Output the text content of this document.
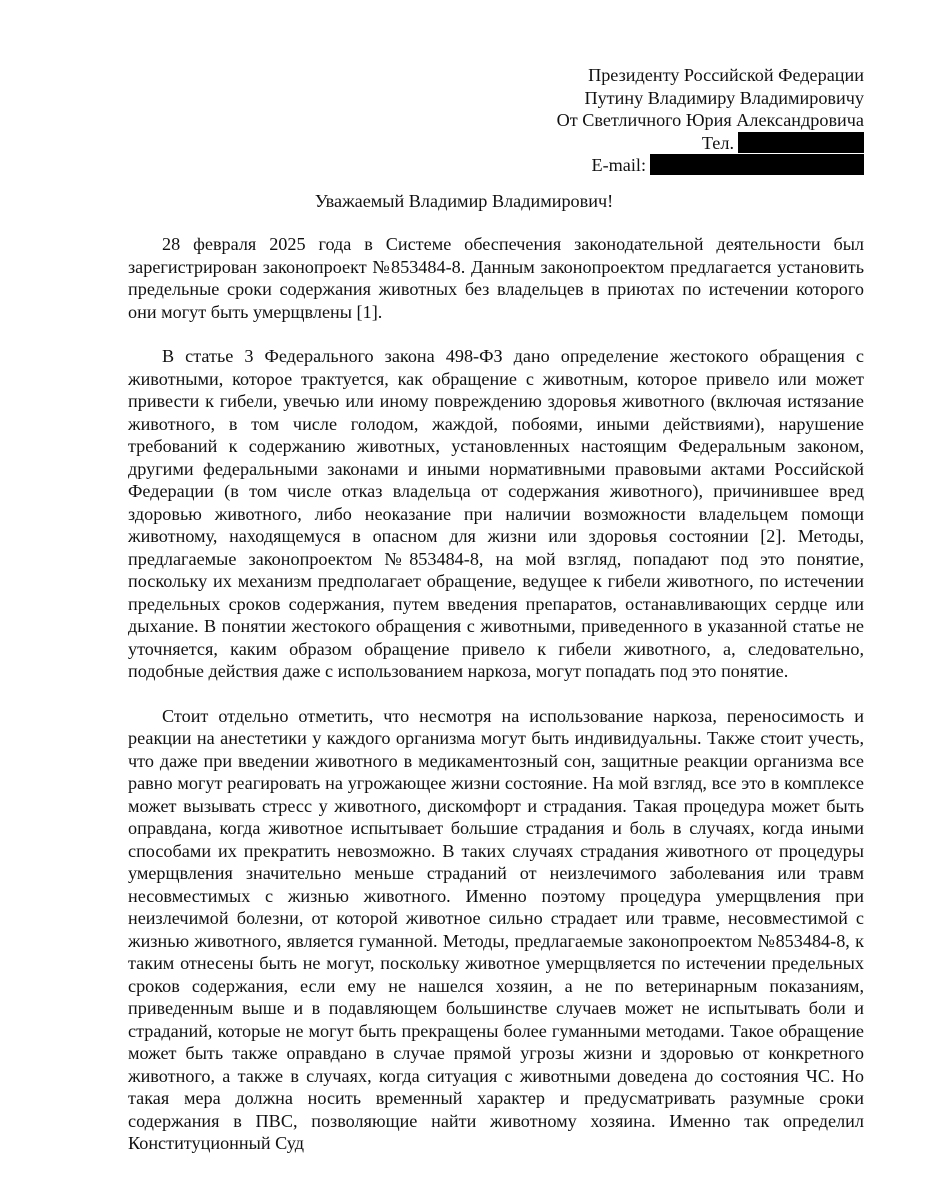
Президенту Российской Федерации
Путину Владимиру Владимировичу
От Светличного Юрия Александровича
Тел.
E-mail:
Уважаемый Владимир Владимирович!

28 февраля 2025 года в Системе обеспечения законодательной деятельности был зарегистрирован законопроект №853484-8. Данным законопроектом предлагается установить предельные сроки содержания животных без владельцев в приютах по истечении которого они могут быть умерщвлены [1].

В статье 3 Федерального закона 498-ФЗ дано определение жестокого обращения с животными, которое трактуется, как обращение с животным, которое привело или может привести к гибели, увечью или иному повреждению здоровья животного (включая истязание животного, в том числе голодом, жаждой, побоями, иными действиями), нарушение требований к содержанию животных, установленных настоящим Федеральным законом, другими федеральными законами и иными нормативными правовыми актами Российской Федерации (в том числе отказ владельца от содержания животного), причинившее вред здоровью животного, либо неоказание при наличии возможности владельцем помощи животному, находящемуся в опасном для жизни или здоровья состоянии [2]. Методы, предлагаемые законопроектом №853484-8, на мой взгляд, попадают под это понятие, поскольку их механизм предполагает обращение, ведущее к гибели животного, по истечении предельных сроков содержания, путем введения препаратов, останавливающих сердце или дыхание. В понятии жестокого обращения с животными, приведенного в указанной статье не уточняется, каким образом обращение привело к гибели животного, а, следовательно, подобные действия даже с использованием наркоза, могут попадать под это понятие.

Стоит отдельно отметить, что несмотря на использование наркоза, переносимость и реакции на анестетики у каждого организма могут быть индивидуальны. Также стоит учесть, что даже при введении животного в медикаментозный сон, защитные реакции организма все равно могут реагировать на угрожающее жизни состояние. На мой взгляд, все это в комплексе может вызывать стресс у животного, дискомфорт и страдания. Такая процедура может быть оправдана, когда животное испытывает большие страдания и боль в случаях, когда иными способами их прекратить невозможно. В таких случаях страдания животного от процедуры умерщвления значительно меньше страданий от неизлечимого заболевания или травм несовместимых с жизнью животного. Именно поэтому процедура умерщвления при неизлечимой болезни, от которой животное сильно страдает или травме, несовместимой с жизнью животного, является гуманной. Методы, предлагаемые законопроектом №853484-8, к таким отнесены быть не могут, поскольку животное умерщвляется по истечении предельных сроков содержания, если ему не нашелся хозяин, а не по ветеринарным показаниям, приведенным выше и в подавляющем большинстве случаев может не испытывать боли и страданий, которые не могут быть прекращены более гуманными методами. Такое обращение может быть также оправдано в случае прямой угрозы жизни и здоровью от конкретного животного, а также в случаях, когда ситуация с животными доведена до состояния ЧС. Но такая мера должна носить временный характер и предусматривать разумные сроки содержания в ПВС, позволяющие найти животному хозяина. Именно так определил Конституционный Суд
